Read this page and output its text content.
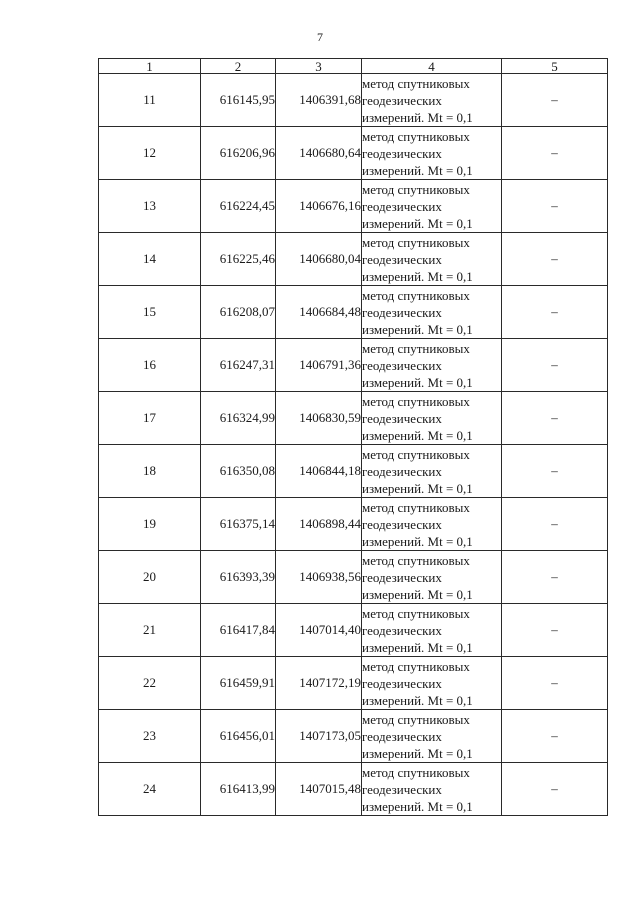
7
1	2	3	4	5
11	616145,95	1406391,68	метод спутниковых
геодезических
измерений. Mt = 0,1	–
12	616206,96	1406680,64	метод спутниковых
геодезических
измерений. Mt = 0,1	–
13	616224,45	1406676,16	метод спутниковых
геодезических
измерений. Mt = 0,1	–
14	616225,46	1406680,04	метод спутниковых
геодезических
измерений. Mt = 0,1	–
15	616208,07	1406684,48	метод спутниковых
геодезических
измерений. Mt = 0,1	–
16	616247,31	1406791,36	метод спутниковых
геодезических
измерений. Mt = 0,1	–
17	616324,99	1406830,59	метод спутниковых
геодезических
измерений. Mt = 0,1	–
18	616350,08	1406844,18	метод спутниковых
геодезических
измерений. Mt = 0,1	–
19	616375,14	1406898,44	метод спутниковых
геодезических
измерений. Mt = 0,1	–
20	616393,39	1406938,56	метод спутниковых
геодезических
измерений. Mt = 0,1	–
21	616417,84	1407014,40	метод спутниковых
геодезических
измерений. Mt = 0,1	–
22	616459,91	1407172,19	метод спутниковых
геодезических
измерений. Mt = 0,1	–
23	616456,01	1407173,05	метод спутниковых
геодезических
измерений. Mt = 0,1	–
24	616413,99	1407015,48	метод спутниковых
геодезических
измерений. Mt = 0,1	–
